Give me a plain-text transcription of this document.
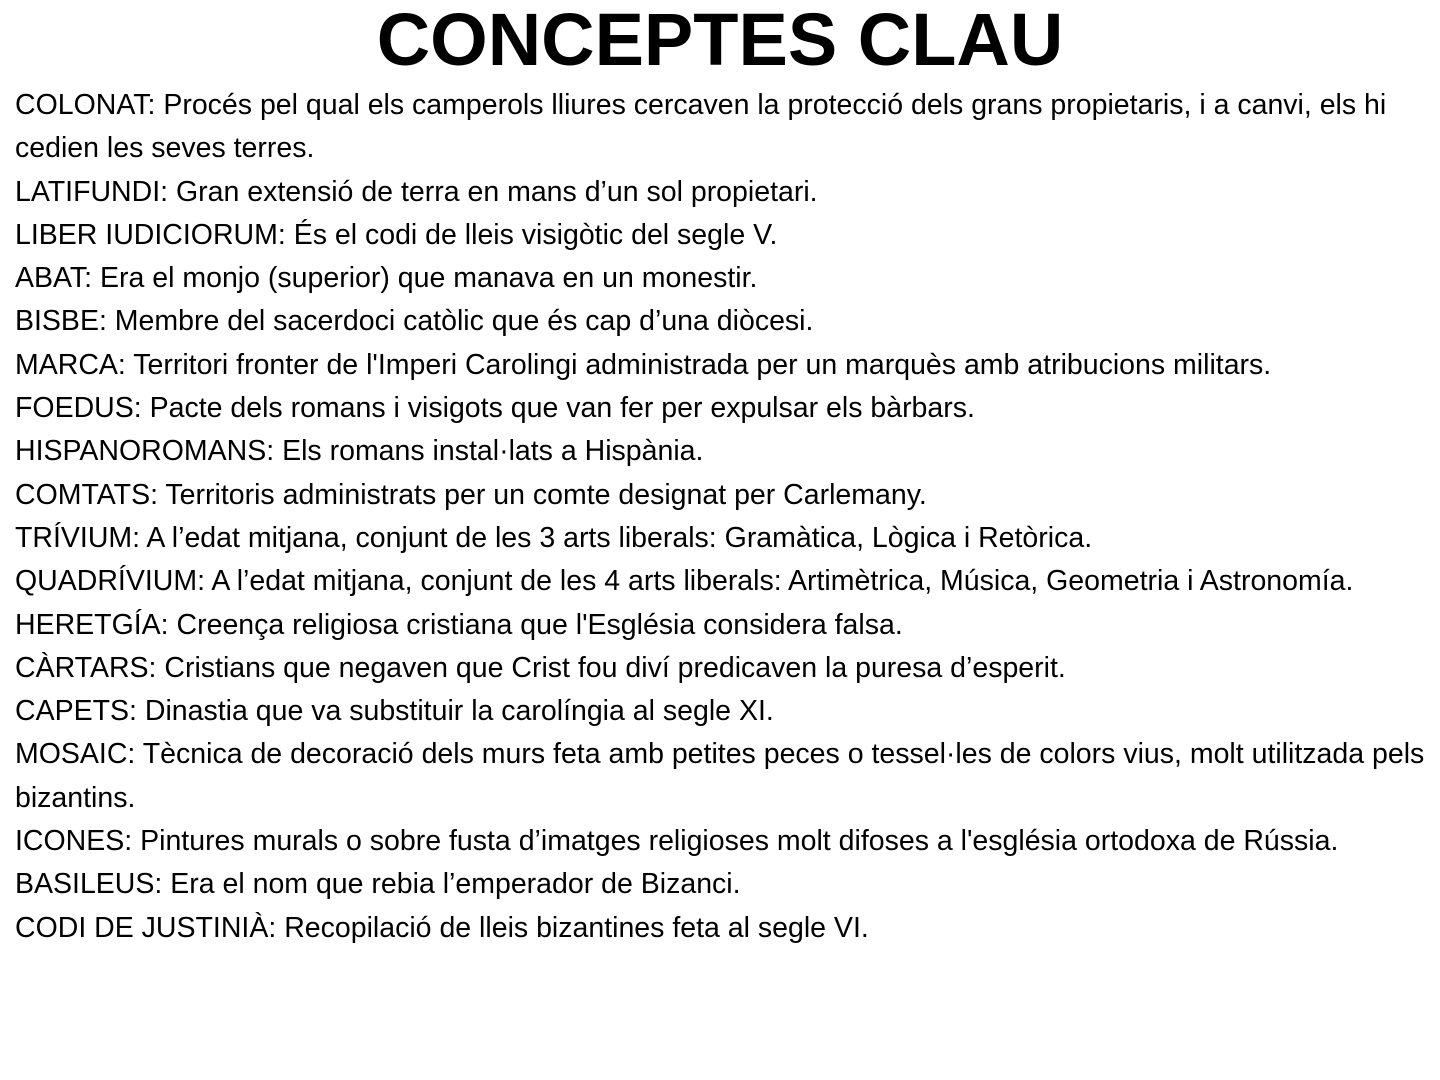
CONCEPTES CLAU
COLONAT: Procés pel qual els camperols lliures cercaven la protecció dels grans propietaris, i a canvi, els hi cedien les seves terres.
LATIFUNDI: Gran extensió de terra en mans d’un sol propietari.
LIBER IUDICIORUM: És el codi de lleis visigòtic del segle V.
ABAT: Era el monjo (superior) que manava en un monestir.
BISBE: Membre del sacerdoci catòlic que és cap d’una diòcesi.
MARCA: Territori fronter de l'Imperi Carolingi administrada per un marquès amb atribucions militars.
FOEDUS: Pacte dels romans i visigots que van fer per expulsar els bàrbars.
HISPANOROMANS: Els romans instal·lats a Hispània.
COMTATS: Territoris administrats per un comte designat per Carlemany.
TRÍVIUM: A l’edat mitjana, conjunt de les 3 arts liberals: Gramàtica, Lògica i Retòrica.
QUADRÍVIUM: A l’edat mitjana, conjunt de les 4 arts liberals: Artimètrica, Música, Geometria i Astronomía.
HERETGÍA: Creença religiosa cristiana que l'Església considera falsa.
CÀRTARS: Cristians que negaven que Crist fou diví predicaven la puresa d’esperit.
CAPETS: Dinastia que va substituir la carolíngia al segle XI.
MOSAIC: Tècnica de decoració dels murs feta amb petites peces o tessel·les de colors vius, molt utilitzada pels bizantins.
ICONES: Pintures murals o sobre fusta d’imatges religioses molt difoses a l'església ortodoxa de Rússia.
BASILEUS: Era el nom que rebia l’emperador de Bizanci.
CODI DE JUSTINIÀ: Recopilació de lleis bizantines feta al segle VI.
